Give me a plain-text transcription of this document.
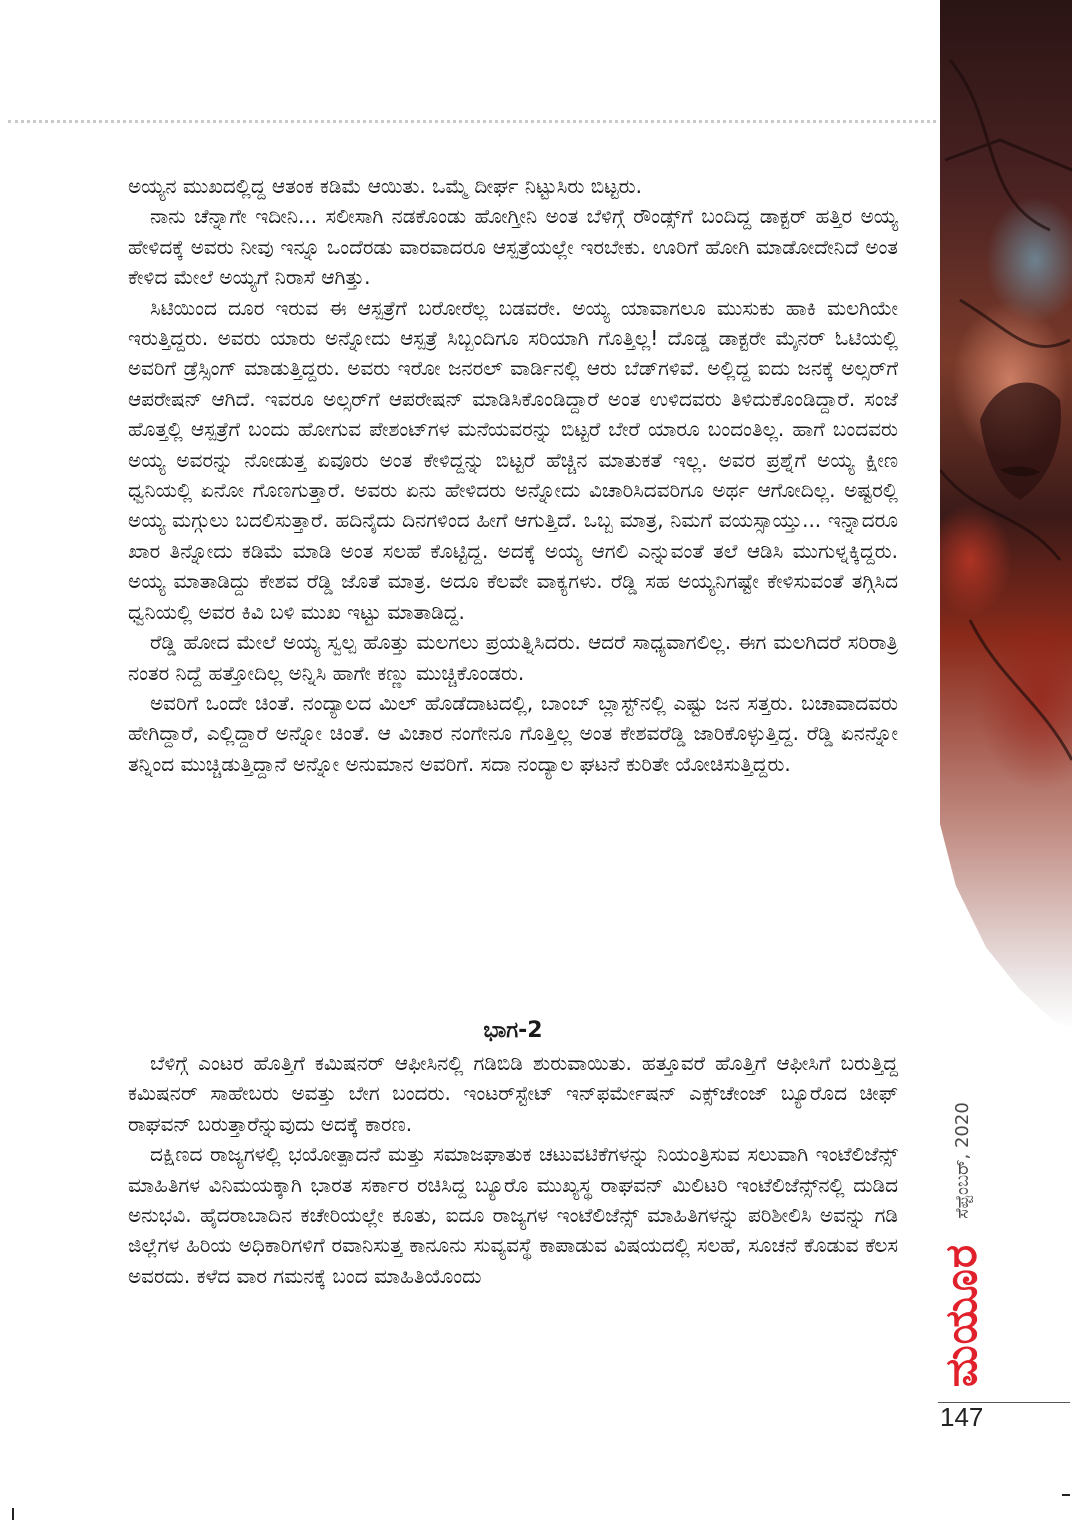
ಅಯ್ಯನ ಮುಖದಲ್ಲಿದ್ದ ಆತಂಕ ಕಡಿಮೆ ಆಯಿತು. ಒಮ್ಮೆ ದೀರ್ಘ ನಿಟ್ಟುಸಿರು ಬಿಟ್ಟರು.

ನಾನು ಚೆನ್ನಾಗೇ ಇದೀನಿ... ಸಲೀಸಾಗಿ ನಡಕೊಂಡು ಹೋಗ್ತೀನಿ ಅಂತ ಬೆಳಿಗ್ಗೆ ರೌಂಡ್ಸ್‌ಗೆ ಬಂದಿದ್ದ ಡಾಕ್ಟರ್ ಹತ್ತಿರ ಅಯ್ಯ ಹೇಳಿದಕ್ಕೆ ಅವರು ನೀವು ಇನ್ನೂ ಒಂದೆರಡು ವಾರವಾದರೂ ಆಸ್ಪತ್ರೆಯಲ್ಲೇ ಇರಬೇಕು. ಊರಿಗೆ ಹೋಗಿ ಮಾಡೋದೇನಿದೆ ಅಂತ ಕೇಳಿದ ಮೇಲೆ ಅಯ್ಯಗೆ ನಿರಾಸೆ ಆಗಿತ್ತು.

ಸಿಟಿಯಿಂದ ದೂರ ಇರುವ ಈ ಆಸ್ಪತ್ರೆಗೆ ಬರೋರೆಲ್ಲ ಬಡವರೇ. ಅಯ್ಯ ಯಾವಾಗಲೂ ಮುಸುಕು ಹಾಕಿ ಮಲಗಿಯೇ ಇರುತ್ತಿದ್ದರು. ಅವರು ಯಾರು ಅನ್ನೋದು ಆಸ್ಪತ್ರೆ ಸಿಬ್ಬಂದಿಗೂ ಸರಿಯಾಗಿ ಗೊತ್ತಿಲ್ಲ! ದೊಡ್ಡ ಡಾಕ್ಟರೇ ಮೈನರ್ ಓಟಿಯಲ್ಲಿ ಅವರಿಗೆ ಡ್ರೆಸ್ಸಿಂಗ್ ಮಾಡುತ್ತಿದ್ದರು. ಅವರು ಇರೋ ಜನರಲ್ ವಾರ್ಡಿನಲ್ಲಿ ಆರು ಬೆಡ್‌ಗಳಿವೆ. ಅಲ್ಲಿದ್ದ ಐದು ಜನಕ್ಕೆ ಅಲ್ಸರ್‌ಗೆ ಆಪರೇಷನ್ ಆಗಿದೆ. ಇವರೂ ಅಲ್ಸರ್‌ಗೆ ಆಪರೇಷನ್ ಮಾಡಿಸಿಕೊಂಡಿದ್ದಾರೆ ಅಂತ ಉಳಿದವರು ತಿಳಿದುಕೊಂಡಿದ್ದಾರೆ. ಸಂಜೆ ಹೊತ್ತಲ್ಲಿ ಆಸ್ಪತ್ರೆಗೆ ಬಂದು ಹೋಗುವ ಪೇಶಂಟ್‌ಗಳ ಮನೆಯವರನ್ನು ಬಿಟ್ಟರೆ ಬೇರೆ ಯಾರೂ ಬಂದಂತಿಲ್ಲ. ಹಾಗೆ ಬಂದವರು ಅಯ್ಯ ಅವರನ್ನು ನೋಡುತ್ತ ಏವೂರು ಅಂತ ಕೇಳಿದ್ದನ್ನು ಬಿಟ್ಟರೆ ಹೆಚ್ಚಿನ ಮಾತುಕತೆ ಇಲ್ಲ. ಅವರ ಪ್ರಶ್ನೆಗೆ ಅಯ್ಯ ಕ್ಷೀಣ ಧ್ವನಿಯಲ್ಲಿ ಏನೋ ಗೊಣಗುತ್ತಾರೆ. ಅವರು ಏನು ಹೇಳಿದರು ಅನ್ನೋದು ವಿಚಾರಿಸಿದವರಿಗೂ ಅರ್ಥ ಆಗೋದಿಲ್ಲ. ಅಷ್ಟರಲ್ಲಿ ಅಯ್ಯ ಮಗ್ಗುಲು ಬದಲಿಸುತ್ತಾರೆ. ಹದಿನೈದು ದಿನಗಳಿಂದ ಹೀಗೆ ಆಗುತ್ತಿದೆ. ಒಬ್ಬ ಮಾತ್ರ, ನಿಮಗೆ ವಯಸ್ಸಾಯ್ತು... ಇನ್ನಾದರೂ ಖಾರ ತಿನ್ನೋದು ಕಡಿಮೆ ಮಾಡಿ ಅಂತ ಸಲಹೆ ಕೊಟ್ಟಿದ್ದ. ಅದಕ್ಕೆ ಅಯ್ಯ ಆಗಲಿ ಎನ್ನುವಂತೆ ತಲೆ ಆಡಿಸಿ ಮುಗುಳ್ನಕ್ಕಿದ್ದರು. ಅಯ್ಯ ಮಾತಾಡಿದ್ದು ಕೇಶವ ರೆಡ್ಡಿ ಜೊತೆ ಮಾತ್ರ. ಅದೂ ಕೆಲವೇ ವಾಕ್ಯಗಳು. ರೆಡ್ಡಿ ಸಹ ಅಯ್ಯನಿಗಷ್ಟೇ ಕೇಳಿಸುವಂತೆ ತಗ್ಗಿಸಿದ ಧ್ವನಿಯಲ್ಲಿ ಅವರ ಕಿವಿ ಬಳಿ ಮುಖ ಇಟ್ಟು ಮಾತಾಡಿದ್ದ.

ರೆಡ್ಡಿ ಹೋದ ಮೇಲೆ ಅಯ್ಯ ಸ್ವಲ್ಪ ಹೊತ್ತು ಮಲಗಲು ಪ್ರಯತ್ನಿಸಿದರು. ಆದರೆ ಸಾಧ್ಯವಾಗಲಿಲ್ಲ. ಈಗ ಮಲಗಿದರೆ ಸರಿರಾತ್ರಿ ನಂತರ ನಿದ್ದೆ ಹತ್ತೋದಿಲ್ಲ ಅನ್ನಿಸಿ ಹಾಗೇ ಕಣ್ಣು ಮುಚ್ಚಿಕೊಂಡರು.

ಅವರಿಗೆ ಒಂದೇ ಚಿಂತೆ. ನಂದ್ಯಾಲದ ಮಿಲ್ ಹೊಡೆದಾಟದಲ್ಲಿ, ಬಾಂಬ್ ಬ್ಲಾಸ್ಟ್‌ನಲ್ಲಿ ಎಷ್ಟು ಜನ ಸತ್ತರು. ಬಚಾವಾದವರು ಹೇಗಿದ್ದಾರೆ, ಎಲ್ಲಿದ್ದಾರೆ ಅನ್ನೋ ಚಿಂತೆ. ಆ ವಿಚಾರ ನಂಗೇನೂ ಗೊತ್ತಿಲ್ಲ ಅಂತ ಕೇಶವರೆಡ್ಡಿ ಜಾರಿಕೊಳ್ಳುತ್ತಿದ್ದ. ರೆಡ್ಡಿ ಏನನ್ನೋ ತನ್ನಿಂದ ಮುಚ್ಚಿಡುತ್ತಿದ್ದಾನೆ ಅನ್ನೋ ಅನುಮಾನ ಅವರಿಗೆ. ಸದಾ ನಂದ್ಯಾಲ ಘಟನೆ ಕುರಿತೇ ಯೋಚಿಸುತ್ತಿದ್ದರು.

ಭಾಗ-2

ಬೆಳಿಗ್ಗೆ ಎಂಟರ ಹೊತ್ತಿಗೆ ಕಮಿಷನರ್ ಆಫೀಸಿನಲ್ಲಿ ಗಡಿಬಿಡಿ ಶುರುವಾಯಿತು. ಹತ್ತೂವರೆ ಹೊತ್ತಿಗೆ ಆಫೀಸಿಗೆ ಬರುತ್ತಿದ್ದ ಕಮಿಷನರ್ ಸಾಹೇಬರು ಅವತ್ತು ಬೇಗ ಬಂದರು. ಇಂಟರ್‌ಸ್ಟೇಟ್ ಇನ್‌ಫರ್ಮೇಷನ್ ಎಕ್ಸ್‌ಚೇಂಜ್ ಬ್ಯೂರೊದ ಚೀಫ್ ರಾಘವನ್ ಬರುತ್ತಾರೆನ್ನುವುದು ಅದಕ್ಕೆ ಕಾರಣ.

ದಕ್ಷಿಣದ ರಾಜ್ಯಗಳಲ್ಲಿ ಭಯೋತ್ಪಾದನೆ ಮತ್ತು ಸಮಾಜಘಾತುಕ ಚಟುವಟಿಕೆಗಳನ್ನು ನಿಯಂತ್ರಿಸುವ ಸಲುವಾಗಿ ಇಂಟೆಲಿಜೆನ್ಸ್ ಮಾಹಿತಿಗಳ ವಿನಿಮಯಕ್ಕಾಗಿ ಭಾರತ ಸರ್ಕಾರ ರಚಿಸಿದ್ದ ಬ್ಯೂರೊ ಮುಖ್ಯಸ್ಥ ರಾಘವನ್ ಮಿಲಿಟರಿ ಇಂಟೆಲಿಜೆನ್ಸ್‌ನಲ್ಲಿ ದುಡಿದ ಅನುಭವಿ. ಹೈದರಾಬಾದಿನ ಕಚೇರಿಯಲ್ಲೇ ಕೂತು, ಐದೂ ರಾಜ್ಯಗಳ ಇಂಟೆಲಿಜೆನ್ಸ್ ಮಾಹಿತಿಗಳನ್ನು ಪರಿಶೀಲಿಸಿ ಅವನ್ನು ಗಡಿ ಜಿಲ್ಲೆಗಳ ಹಿರಿಯ ಅಧಿಕಾರಿಗಳಿಗೆ ರವಾನಿಸುತ್ತ ಕಾನೂನು ಸುವ್ಯವಸ್ಥೆ ಕಾಪಾಡುವ ವಿಷಯದಲ್ಲಿ ಸಲಹೆ, ಸೂಚನೆ ಕೊಡುವ ಕೆಲಸ ಅವರದು. ಕಳೆದ ವಾರ ಗಮನಕ್ಕೆ ಬಂದ ಮಾಹಿತಿಯೊಂದು

ಸೆಪ್ಟೆಂಬರ್, 2020
ಮಯೂರ
147
